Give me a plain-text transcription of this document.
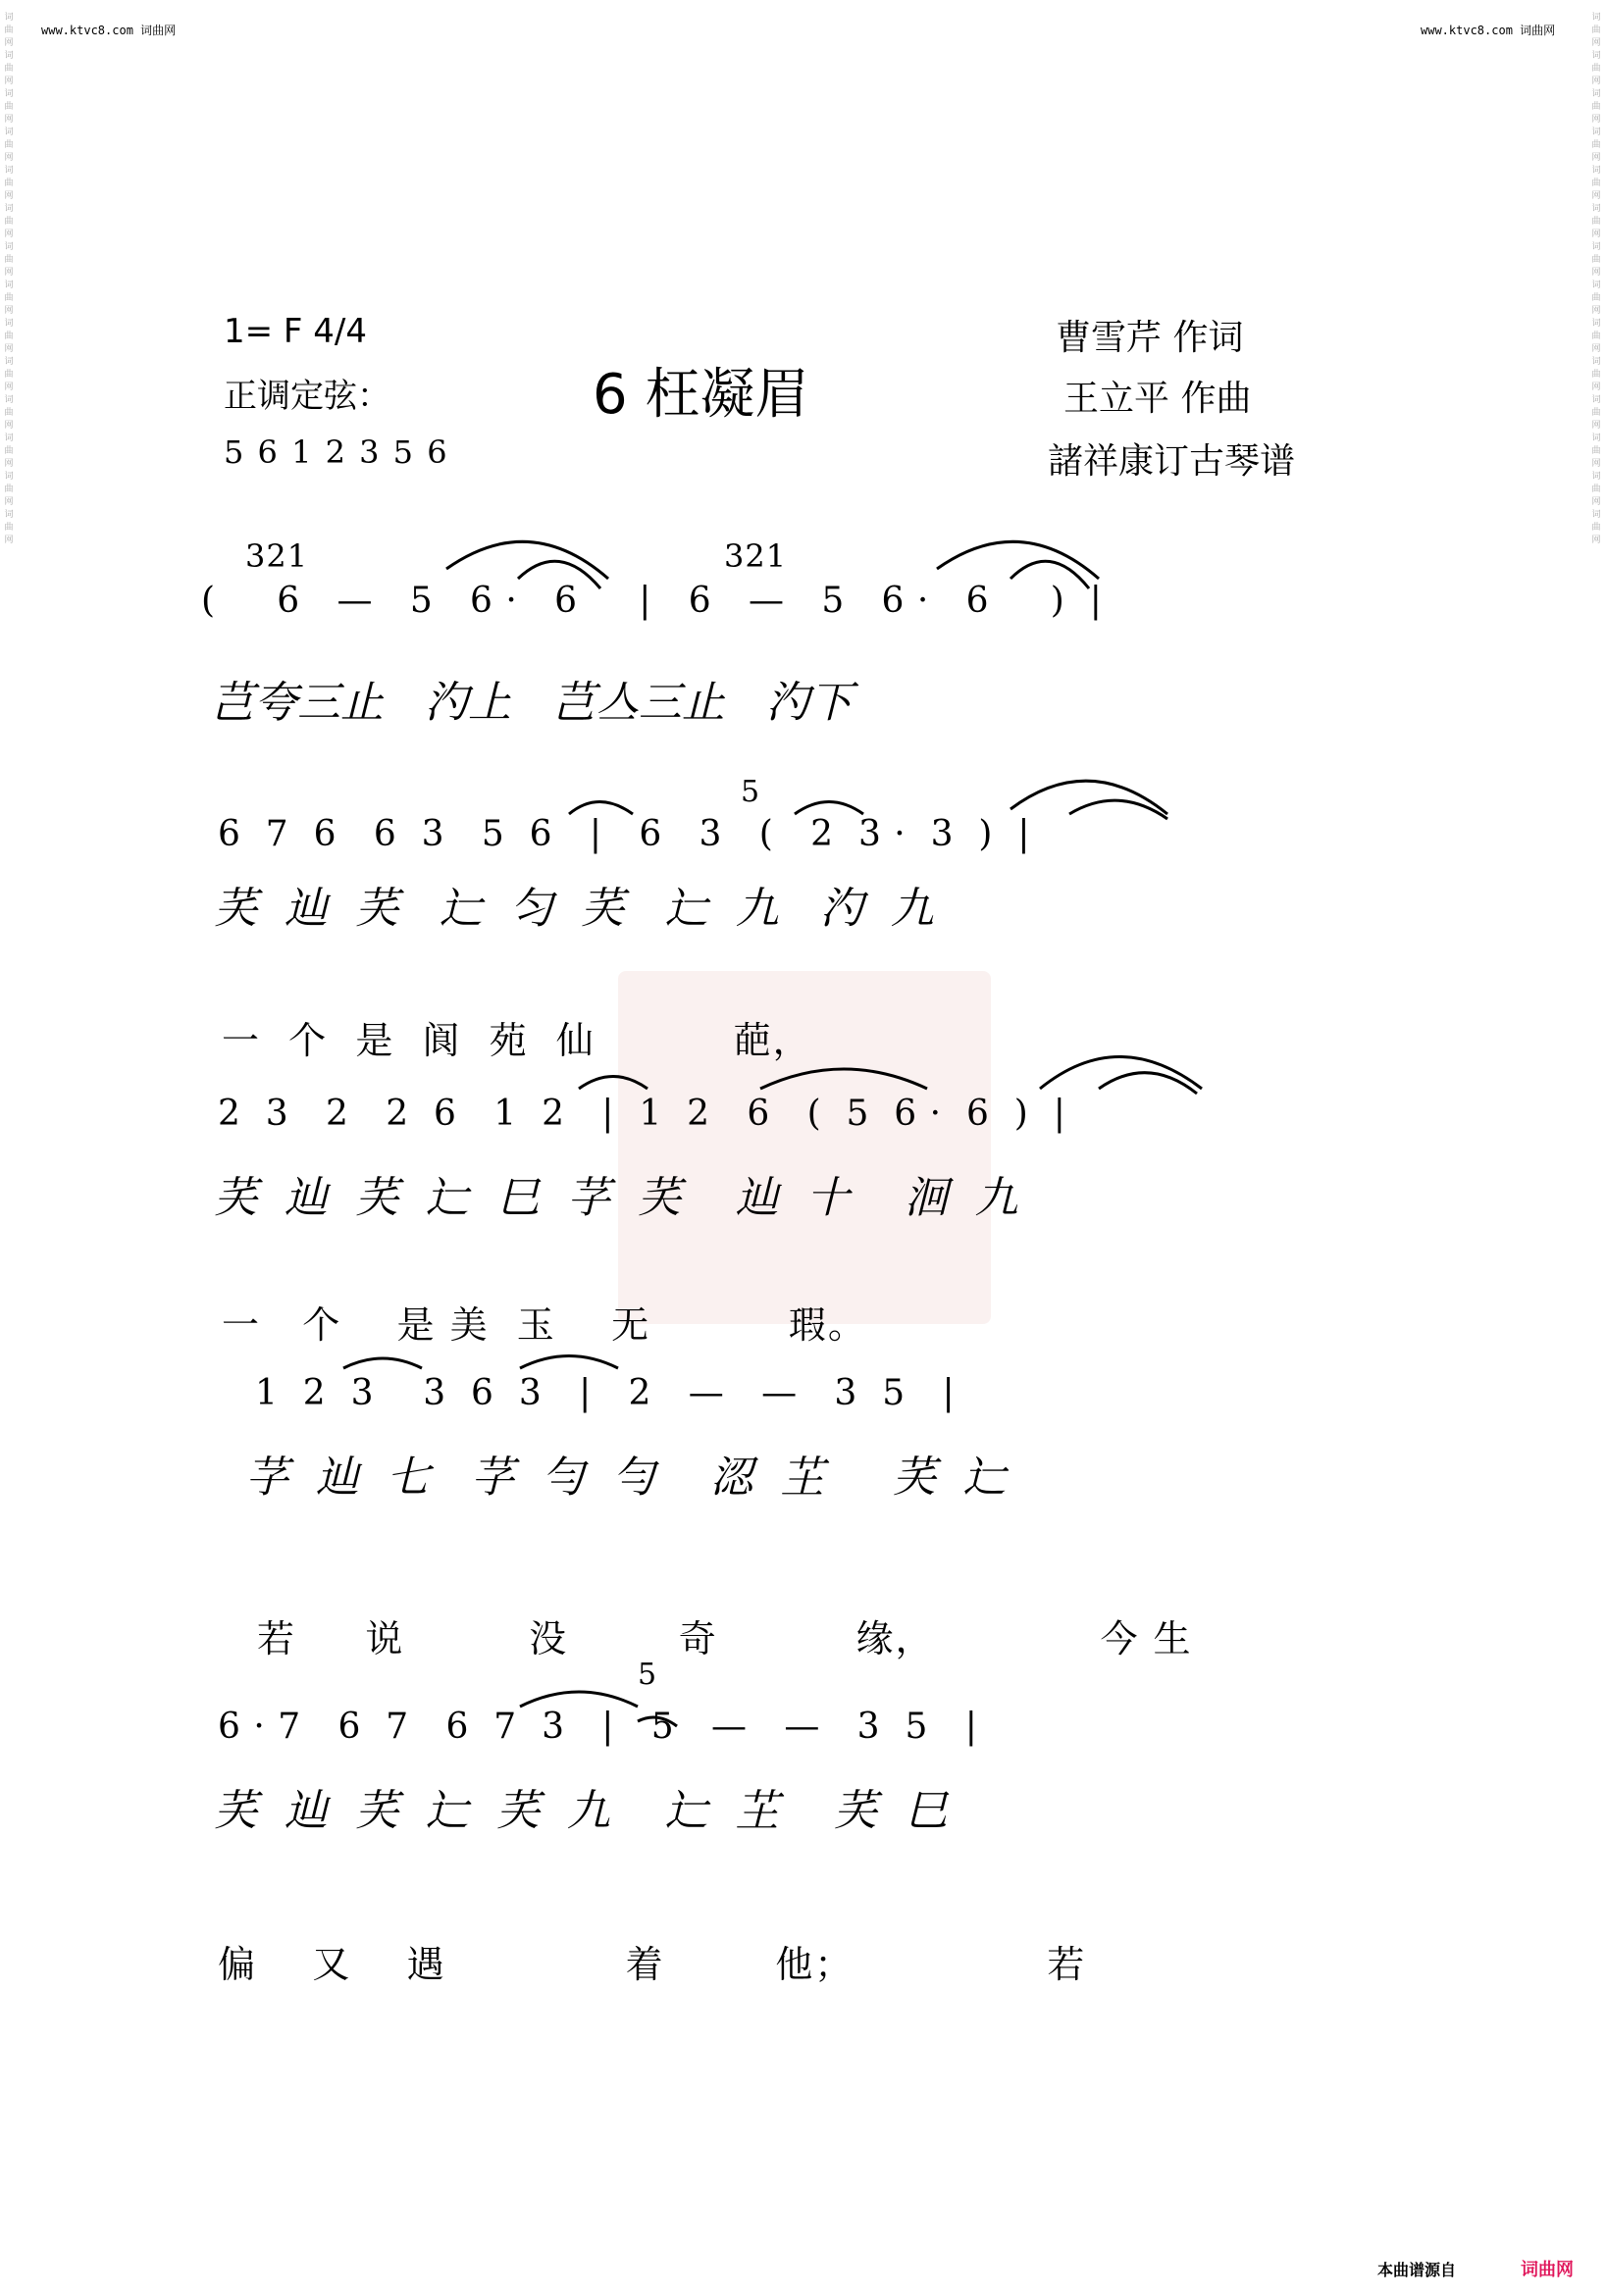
www.ktvc8.com 词曲网	www.ktvc8.com 词曲网
词曲网词曲网词曲网词曲网词曲网词曲网词曲网词曲网词曲网词曲网词曲网词曲网词曲网词曲网
词曲网词曲网词曲网词曲网词曲网词曲网词曲网词曲网词曲网词曲网词曲网词曲网词曲网词曲网
1= F 4/4
正调定弦：
5 6 1 2 3 5 6
6 枉凝眉
曹雪芹 作词
王立平 作曲
諸祥康订古琴谱
321	321
(     6   —   5   6 ·   6     |   6   —   5   6 ·   6     )  |
芑夸三止   汋上   芑亼三止   汋下
5
6  7  6   6  3   5  6   |   6   3   (   2  3 ·  3  )  |
芺  辿  芺   辷  匀  芺   辷  九   汋  九
一  个  是  阆  苑  仙          葩，
2  3   2   2  6   1  2   |  1  2   6   (  5  6 ·  6  )  |
芺  辿  芺  辷  巳  芓  芺    辿  十    洄  九
一   个    是 美  玉    无          瑕。
1  2  3    3  6  3   |   2   —   —   3  5   |
芓  辿  七   芓  勻  勻    涊  芏     芺  辷
若     说         没        奇          缘，            今 生
5
6 · 7   6  7   6  7  3   |   5   —   —   3  5   |
芺  辿  芺  辷  芺  九    辷  芏    芺  巳
偏    又    遇             着        他；              若
本曲谱源自	词曲网
